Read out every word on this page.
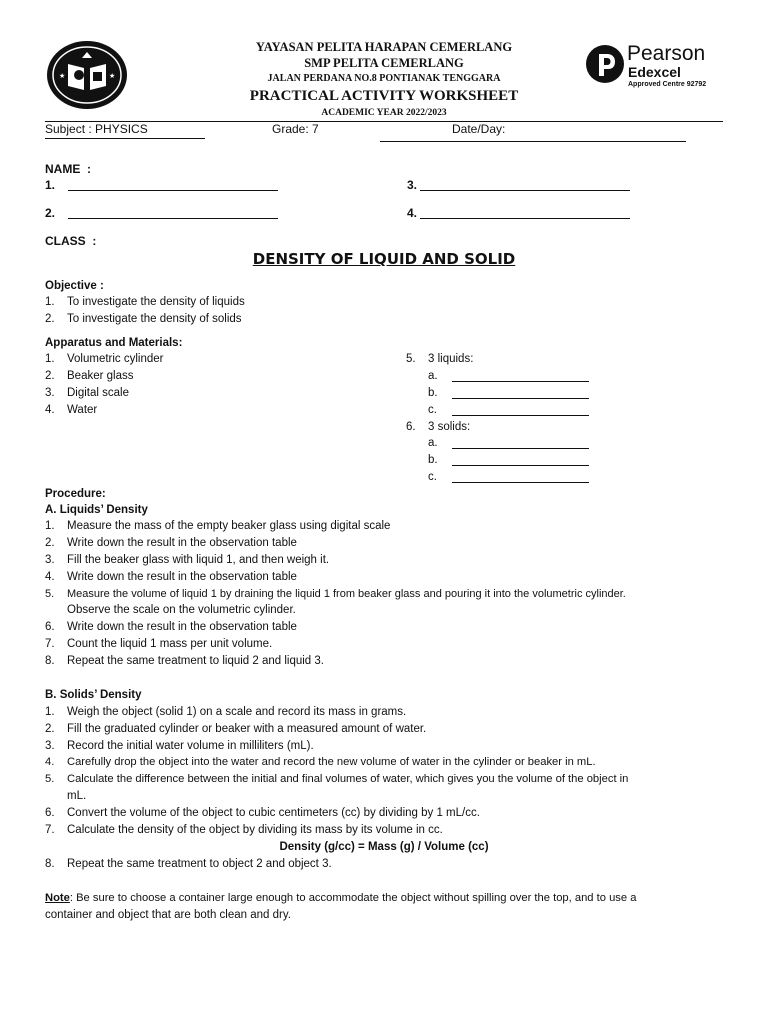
★	★
YAYASAN PELITA HARAPAN CEMERLANG
SMP PELITA CEMERLANG
JALAN PERDANA NO.8 PONTIANAK TENGGARA
PRACTICAL ACTIVITY WORKSHEET
ACADEMIC YEAR 2022/2023
Pearson
Edexcel
Approved Centre 92792
Subject : PHYSICS	Grade: 7	Date/Day:
NAME  :
1.	3.
2.	4.
CLASS  :
DENSITY OF LIQUID AND SOLID
Objective :
1. To investigate the density of liquids
2. To investigate the density of solids
Apparatus and Materials:
1. Volumetric cylinder
2. Beaker glass
3. Digital scale
4. Water
5. 3 liquids:
a.
b.
c.
6. 3 solids:
a.
b.
c.
Procedure:
A. Liquids’ Density
1. Measure the mass of the empty beaker glass using digital scale
2. Write down the result in the observation table
3. Fill the beaker glass with liquid 1, and then weigh it.
4. Write down the result in the observation table
5. Measure the volume of liquid 1 by draining the liquid 1 from beaker glass and pouring it into the volumetric cylinder.
Observe the scale on the volumetric cylinder.
6. Write down the result in the observation table
7. Count the liquid 1 mass per unit volume.
8. Repeat the same treatment to liquid 2 and liquid 3.
B. Solids’ Density
1. Weigh the object (solid 1) on a scale and record its mass in grams.
2. Fill the graduated cylinder or beaker with a measured amount of water.
3. Record the initial water volume in milliliters (mL).
4. Carefully drop the object into the water and record the new volume of water in the cylinder or beaker in mL.
5. Calculate the difference between the initial and final volumes of water, which gives you the volume of the object in
mL.
6. Convert the volume of the object to cubic centimeters (cc) by dividing by 1 mL/cc.
7. Calculate the density of the object by dividing its mass by its volume in cc.
Density (g/cc) = Mass (g) / Volume (cc)
8. Repeat the same treatment to object 2 and object 3.
Note: Be sure to choose a container large enough to accommodate the object without spilling over the top, and to use a
container and object that are both clean and dry.
